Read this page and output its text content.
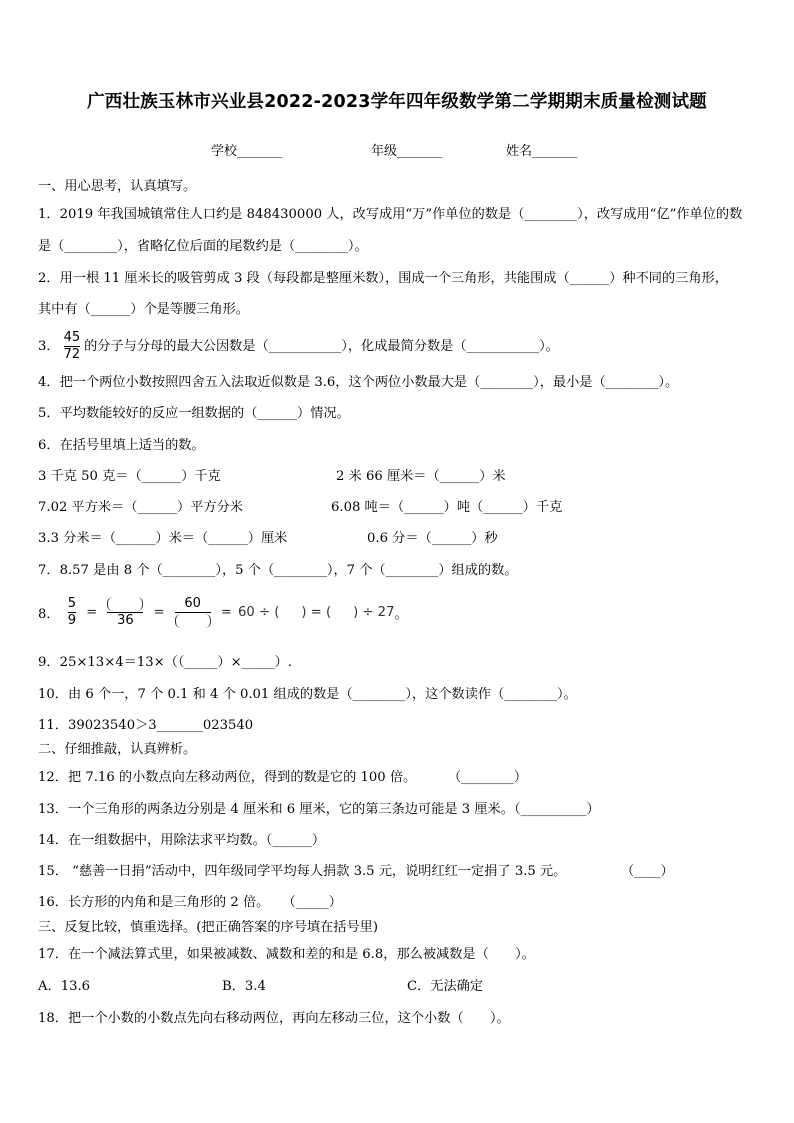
广西壮族玉林市兴业县2022-2023学年四年级数学第二学期期末质量检测试题
学校_______	年级_______	姓名_______
一、用心思考，认真填写。
1．2019 年我国城镇常住人口约是 848430000 人，改写成用“万”作单位的数是（________），改写成用“亿”作单位的数
是（________），省略亿位后面的尾数约是（________）。
2．用一根 11 厘米长的吸管剪成 3 段（每段都是整厘米数），围成一个三角形，共能围成（______）种不同的三角形，
其中有（______）个是等腰三角形。
3． $\frac{45}{72}$ 的分子与分母的最大公因数是（___________），化成最简分数是（___________）。
4．把一个两位小数按照四舍五入法取近似数是 3.6，这个两位小数最大是（________），最小是（________）。
5．平均数能较好的反应一组数据的（______）情况。
6．在括号里填上适当的数。
3 千克 50 克＝（______）千克	2 米 66 厘米＝（______）米
7.02 平方米＝（______）平方分米	6.08 吨＝（______）吨（______）千克
3.3 分米＝（______）米＝（______）厘米	0.6 分＝（______）秒
7．8.57 是由 8 个（________），5 个（________），7 个（________）组成的数。
8． $\frac{5}{9}$ =
36
=
60
= 60 ÷ ( ) = ( ) ÷ 27。
9．25×13×4＝13×（（_____）×_____）.
10．由 6 个一，7 个 0.1 和 4 个 0.01 组成的数是（________），这个数读作（________）。
11．39023540＞3_______023540
二、仔细推敲，认真辨析。
12．把 7.16 的小数点向左移动两位，得到的数是它的 100 倍。 （________）
13．一个三角形的两条边分别是 4 厘米和 6 厘米，它的第三条边可能是 3 厘米。（__________）
14．在一组数据中，用除法求平均数。（______）
15． “慈善一日捐”活动中，四年级同学平均每人捐款 3.5 元，说明红红一定捐了 3.5 元。	（____）
16．长方形的内角和是三角形的 2 倍。　　（_____）
三、反复比较，慎重选择。(把正确答案的序号填在括号里)
17．在一个减法算式里，如果被减数、减数和差的和是 6.8，那么被减数是（　　）。
A．13.6	B．3.4	C．无法确定
18．把一个小数的小数点先向右移动两位，再向左移动三位，这个小数（　　）。
